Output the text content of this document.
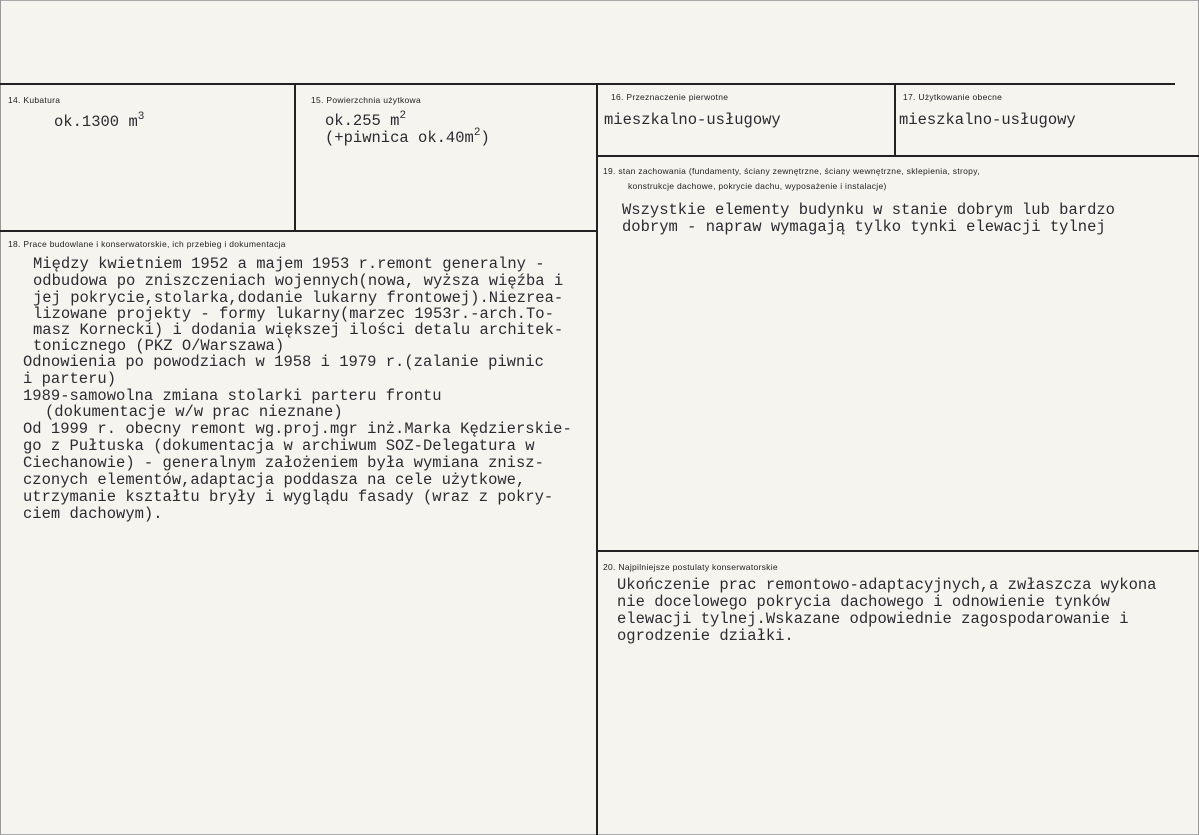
14. Kubatura
ok.1300 $m^3$
15. Powierzchnia użytkowa
ok.255 $m^2$
(+piwnica $ok.40m^2$)
16. Przeznaczenie pierwotne
mieszkalno-usługowy
17. Użytkowanie obecne
mieszkalno-usługowy
19. stan zachowania (fundamenty, ściany zewnętrzne, ściany wewnętrzne, sklepienia, stropy,
konstrukcje dachowe, pokrycie dachu, wyposażenie i instalacje)
Wszystkie elementy budynku w stanie dobrym lub bardzo
dobrym - napraw wymagają tylko tynki elewacji tylnej
18. Prace budowlane i konserwatorskie, ich przebieg i dokumentacja
Między kwietniem 1952 a majem 1953 r.remont generalny -
odbudowa po zniszczeniach wojennych(nowa, wyższa więźba i
jej pokrycie,stolarka,dodanie lukarny frontowej).Niezrea-
lizowane projekty - formy lukarny(marzec 1953r.-arch.To-
masz Kornecki) i dodania większej ilości detalu architek-
tonicznego (PKZ O/Warszawa)
Odnowienia po powodziach w 1958 i 1979 r.(zalanie piwnic
i parteru)
1989-samowolna zmiana stolarki parteru frontu
(dokumentacje w/w prac nieznane)
Od 1999 r. obecny remont wg.proj.mgr inż.Marka Kędzierskie-
go z Pułtuska (dokumentacja w archiwum SOZ-Delegatura w
Ciechanowie) - generalnym założeniem była wymiana znisz-
czonych elementów,adaptacja poddasza na cele użytkowe,
utrzymanie kształtu bryły i wyglądu fasady (wraz z pokry-
ciem dachowym).
20. Najpilniejsze postulaty konserwatorskie
Ukończenie prac remontowo-adaptacyjnych,a zwłaszcza wykona
nie docelowego pokrycia dachowego i odnowienie tynków
elewacji tylnej.Wskazane odpowiednie zagospodarowanie i
ogrodzenie działki.
